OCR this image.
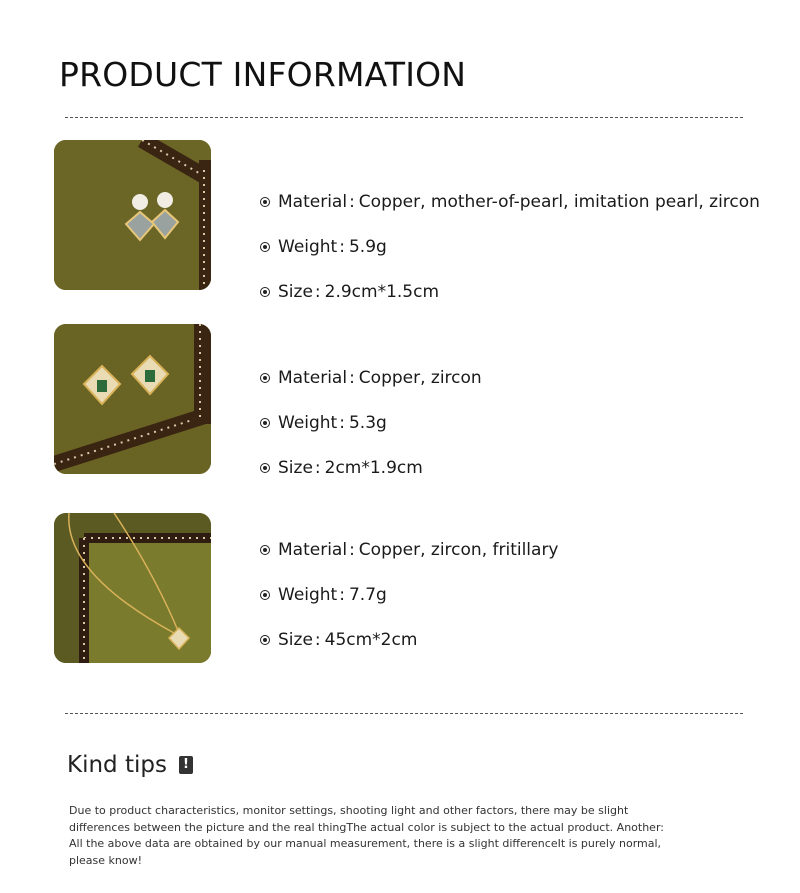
PRODUCT INFORMATION
Material : Copper, mother-of-pearl, imitation pearl, zircon
Weight : 5.9g
Size : 2.9cm*1.5cm
Material : Copper, zircon
Weight : 5.3g
Size : 2cm*1.9cm
Material : Copper, zircon, fritillary
Weight : 7.7g
Size : 45cm*2cm
Kind tips	!

Due to product characteristics, monitor settings, shooting light and other factors, there may be slight differences between the picture and the real thingThe actual color is subject to the actual product. Another: All the above data are obtained by our manual measurement, there is a slight differenceIt is purely normal, please know!
